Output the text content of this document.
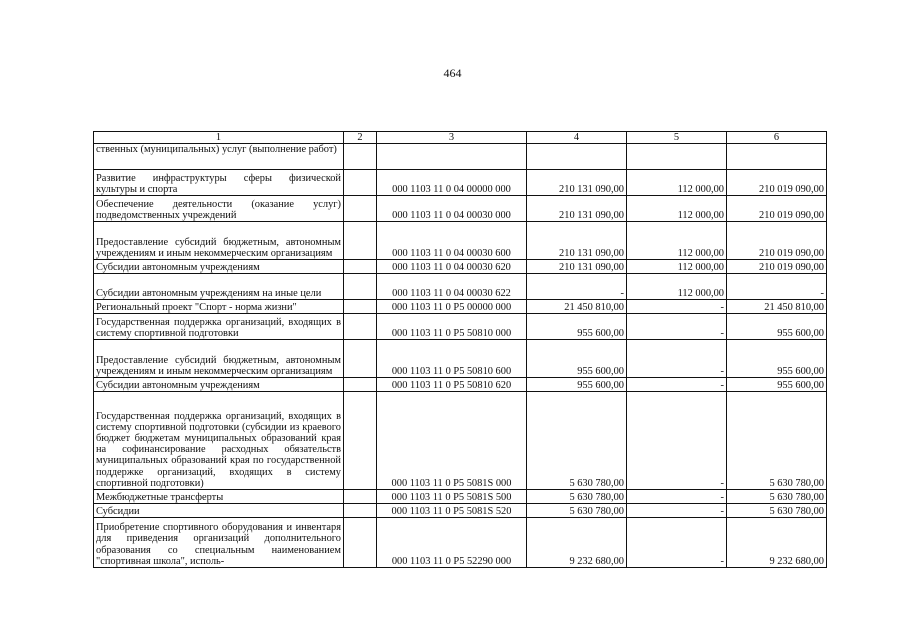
464
1	2	3	4	5	6
ственных (муниципальных) услуг (выполнение работ)					
Развитие инфраструктуры сферы физической культуры и спорта		000 1103 11 0 04 00000 000	210 131 090,00	112 000,00	210 019 090,00
Обеспечение деятельности (оказание услуг) подведомственных учреждений		000 1103 11 0 04 00030 000	210 131 090,00	112 000,00	210 019 090,00
Предоставление субсидий бюджетным, автономным учреждениям и иным некоммерческим организациям		000 1103 11 0 04 00030 600	210 131 090,00	112 000,00	210 019 090,00
Субсидии автономным учреждениям		000 1103 11 0 04 00030 620	210 131 090,00	112 000,00	210 019 090,00
Субсидии автономным учреждениям на иные цели		000 1103 11 0 04 00030 622	-	112 000,00	-
Региональный проект "Спорт - норма жизни"		000 1103 11 0 P5 00000 000	21 450 810,00	-	21 450 810,00
Государственная поддержка организаций, входящих в систему спортивной подготовки		000 1103 11 0 P5 50810 000	955 600,00	-	955 600,00
Предоставление субсидий бюджетным, автономным учреждениям и иным некоммерческим организациям		000 1103 11 0 P5 50810 600	955 600,00	-	955 600,00
Субсидии автономным учреждениям		000 1103 11 0 P5 50810 620	955 600,00	-	955 600,00
Государственная поддержка организаций, входящих в систему спортивной подготовки (субсидии из краевого бюджет бюджетам муниципальных образований края на софинансирование расходных обязательств муниципальных образований края по государственной поддержке организаций, входящих в систему спортивной подготовки)		000 1103 11 0 P5 5081S 000	5 630 780,00	-	5 630 780,00
Межбюджетные трансферты		000 1103 11 0 P5 5081S 500	5 630 780,00	-	5 630 780,00
Субсидии		000 1103 11 0 P5 5081S 520	5 630 780,00	-	5 630 780,00
Приобретение спортивного оборудования и инвентаря для приведения организаций дополнительного образования со специальным наименованием "спортивная школа", исполь-		000 1103 11 0 P5 52290 000	9 232 680,00	-	9 232 680,00
